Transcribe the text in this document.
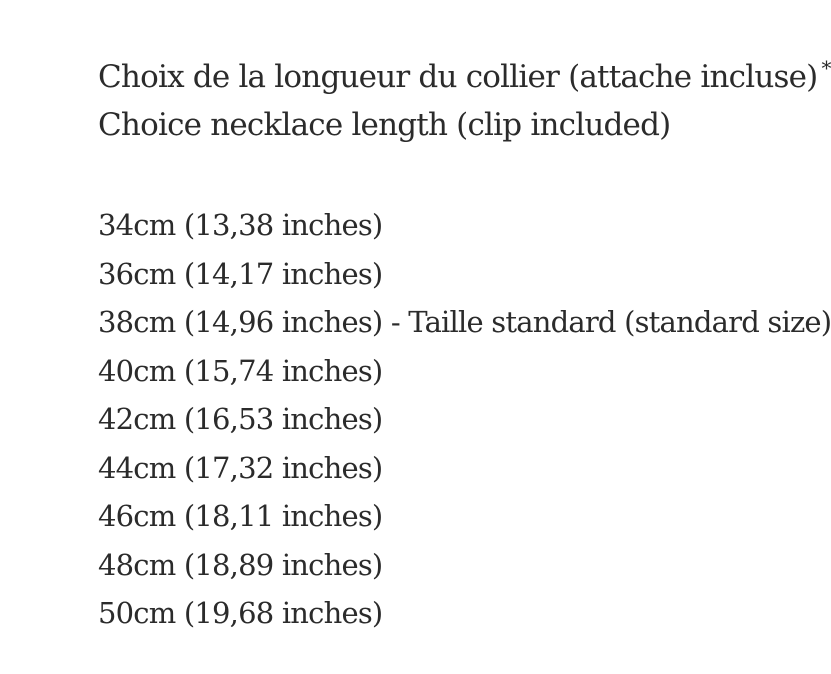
Choix de la longueur du collier (attache incluse) *
Choice necklace length (clip included)
34cm (13,38 inches)
36cm (14,17 inches)
38cm (14,96 inches) - Taille standard (standard size)
40cm (15,74 inches)
42cm (16,53 inches)
44cm (17,32 inches)
46cm (18,11 inches)
48cm (18,89 inches)
50cm (19,68 inches)
